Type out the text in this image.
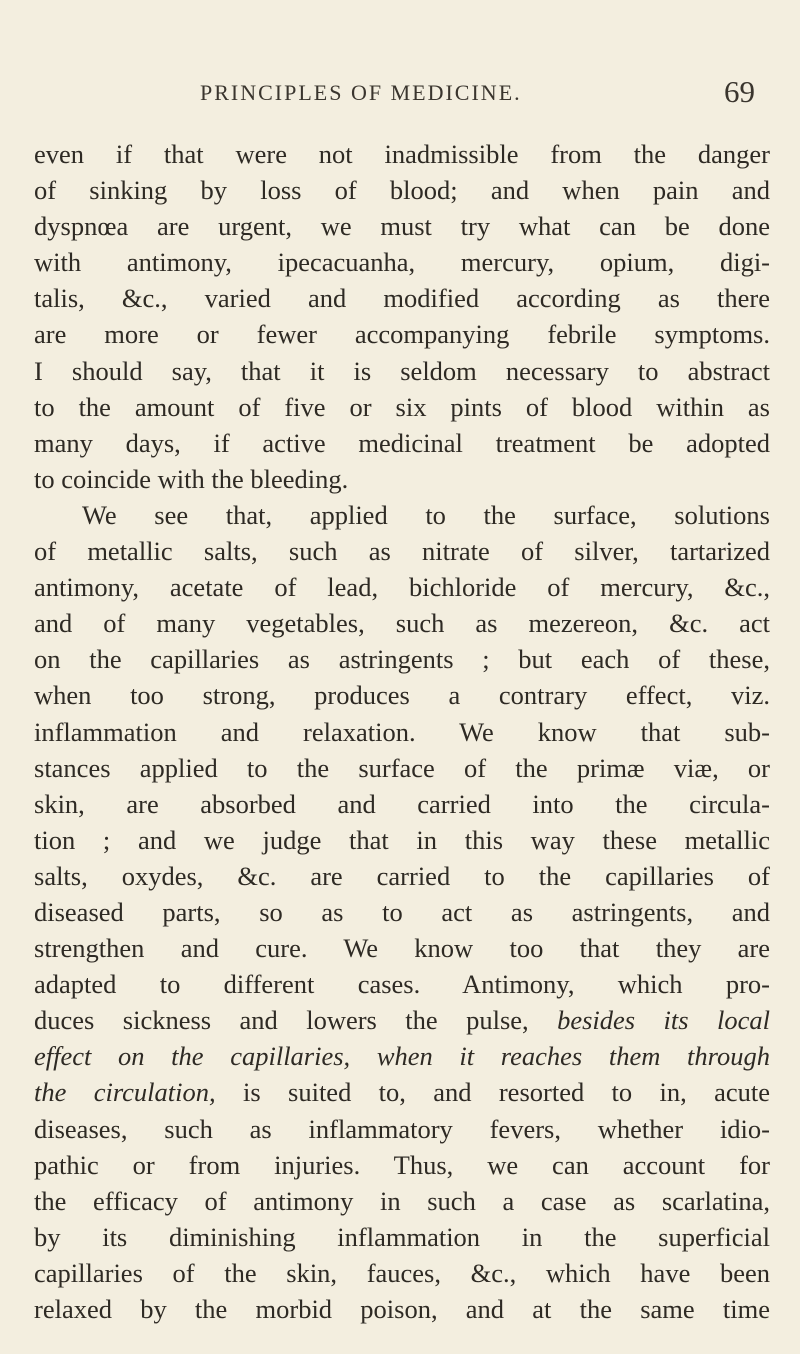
PRINCIPLES OF MEDICINE.	69

even if that were not inadmissible from the danger
of sinking by loss of blood; and when pain and
dyspnœa are urgent, we must try what can be done
with antimony, ipecacuanha, mercury, opium, digi-
talis, &c., varied and modified according as there
are more or fewer accompanying febrile symptoms.
I should say, that it is seldom necessary to abstract
to the amount of five or six pints of blood within as
many days, if active medicinal treatment be adopted
to coincide with the bleeding.

We see that, applied to the surface, solutions
of metallic salts, such as nitrate of silver, tartarized
antimony, acetate of lead, bichloride of mercury, &c.,
and of many vegetables, such as mezereon, &c. act
on the capillaries as astringents ; but each of these,
when too strong, produces a contrary effect, viz.
inflammation and relaxation. We know that sub-
stances applied to the surface of the primæ viæ, or
skin, are absorbed and carried into the circula-
tion ; and we judge that in this way these metallic
salts, oxydes, &c. are carried to the capillaries of
diseased parts, so as to act as astringents, and
strengthen and cure. We know too that they are
adapted to different cases. Antimony, which pro-
duces sickness and lowers the pulse, besides its local
effect on the capillaries, when it reaches them through
the circulation, is suited to, and resorted to in, acute
diseases, such as inflammatory fevers, whether idio-
pathic or from injuries. Thus, we can account for
the efficacy of antimony in such a case as scarlatina,
by its diminishing inflammation in the superficial
capillaries of the skin, fauces, &c., which have been
relaxed by the morbid poison, and at the same time
